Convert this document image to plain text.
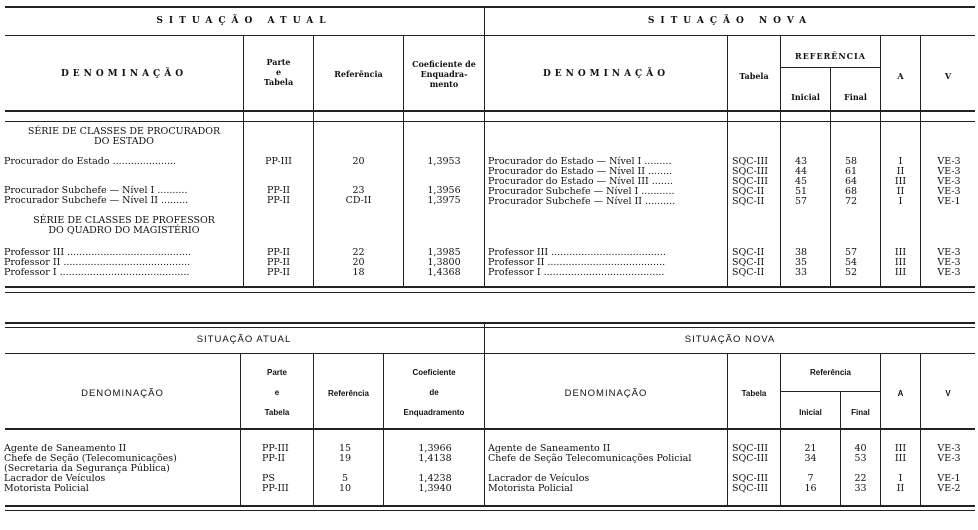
SITUAÇÃO ATUAL	SITUAÇÃO NOVA
DENOMINAÇÃO
Parte
e
Tabela
Referência
Coeficiente de
Enquadra-
mento
DENOMINAÇÃO	Tabela
REFERÊNCIA
Inicial	Final
A	V
SÉRIE DE CLASSES DE PROCURADOR
DO ESTADO
SÉRIE DE CLASSES DE PROFESSOR
DO QUADRO DO MAGISTÉRIO
Procurador do Estado .....................	PP-III	20	1,3953
Procurador Subchefe — Nível I ..........	PP-II	23	1,3956
Procurador Subchefe — Nível II .........	PP-II	CD-II	1,3975
Professor III .........................................	PP-II	22	1,3985
Professor II ..........................................	PP-II	20	1,3800
Professor I ...........................................	PP-II	18	1,4368
Procurador do Estado — Nível I .........	SQC-III	43	58	I	VE-3
Procurador do Estado — Nível II ........	SQC-III	44	61	II	VE-3
Procurador do Estado — Nível III .......	SQC-III	45	64	III	VE-3
Procurador Subchefe — Nível I ...........	SQC-II	51	68	II	VE-3
Procurador Subchefe — Nível II ..........	SQC-II	57	72	I	VE-1
Professor III ......................................	SQC-II	38	57	III	VE-3
Professor II .......................................	SQC-II	35	54	III	VE-3
Professor I ........................................	SQC-II	33	52	III	VE-3
SITUAÇÃO ATUAL	SITUAÇÃO NOVA
DENOMINAÇÃO
Parte
e
Tabela
Referência
Coeficiente
de
Enquadramento
DENOMINAÇÃO	Tabela
Referência
Inicial	Final
A	V
Agente de Saneamento II	PP-III	15	1,3966
Chefe de Seção (Telecomunicações)	PP-II	19	1,4138
(Secretaria da Segurança Pública)
Lacrador de Veículos	PS	5	1,4238
Motorista Policial	PP-III	10	1,3940
Agente de Saneamento II	SQC-III	21	40	III	VE-3
Chefe de Seção Telecomunicações Policial	SQC-III	34	53	III	VE-3
Lacrador de Veículos	SQC-III	7	22	I	VE-1
Motorista Policial	SQC-III	16	33	II	VE-2
